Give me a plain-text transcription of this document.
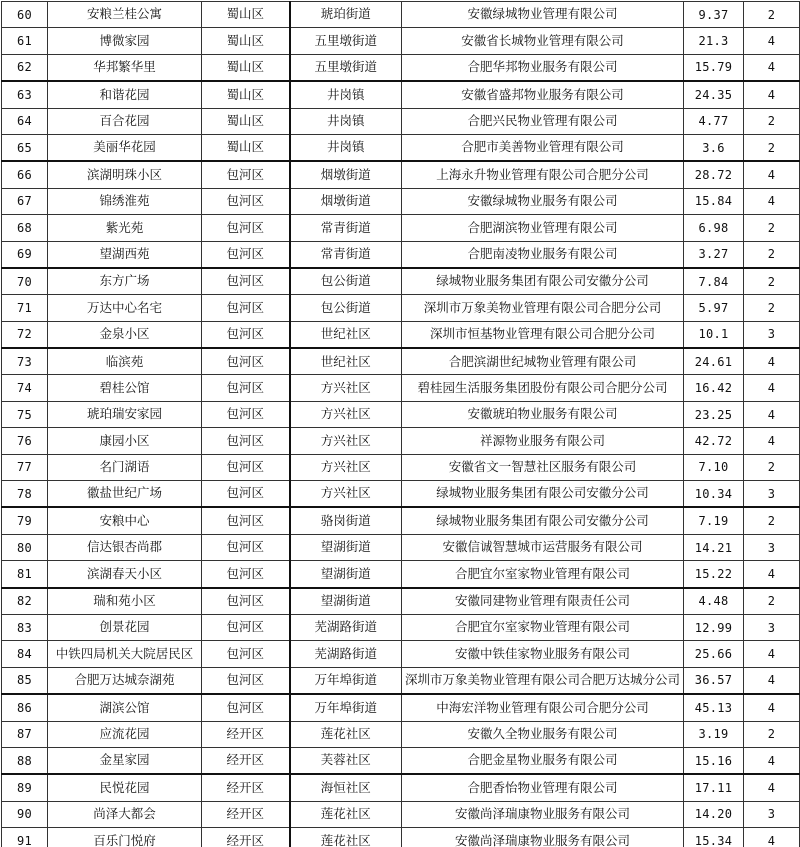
60	安粮兰桂公寓	蜀山区	琥珀街道	安徽绿城物业管理有限公司	9.37	2
61	博微家园	蜀山区	五里墩街道	安徽省长城物业管理有限公司	21.3	4
62	华邦繁华里	蜀山区	五里墩街道	合肥华邦物业服务有限公司	15.79	4
63	和谐花园	蜀山区	井岗镇	安徽省盛邦物业服务有限公司	24.35	4
64	百合花园	蜀山区	井岗镇	合肥兴民物业管理有限公司	4.77	2
65	美丽华花园	蜀山区	井岗镇	合肥市美善物业管理有限公司	3.6	2
66	滨湖明珠小区	包河区	烟墩街道	上海永升物业管理有限公司合肥分公司	28.72	4
67	锦绣淮苑	包河区	烟墩街道	安徽绿城物业服务有限公司	15.84	4
68	紫光苑	包河区	常青街道	合肥湖滨物业管理有限公司	6.98	2
69	望湖西苑	包河区	常青街道	合肥南凌物业服务有限公司	3.27	2
70	东方广场	包河区	包公街道	绿城物业服务集团有限公司安徽分公司	7.84	2
71	万达中心名宅	包河区	包公街道	深圳市万象美物业管理有限公司合肥分公司	5.97	2
72	金泉小区	包河区	世纪社区	深圳市恒基物业管理有限公司合肥分公司	10.1	3
73	临滨苑	包河区	世纪社区	合肥滨湖世纪城物业管理有限公司	24.61	4
74	碧桂公馆	包河区	方兴社区	碧桂园生活服务集团股份有限公司合肥分公司	16.42	4
75	琥珀瑞安家园	包河区	方兴社区	安徽琥珀物业服务有限公司	23.25	4
76	康园小区	包河区	方兴社区	祥源物业服务有限公司	42.72	4
77	名门湖语	包河区	方兴社区	安徽省文一智慧社区服务有限公司	7.10	2
78	徽盐世纪广场	包河区	方兴社区	绿城物业服务集团有限公司安徽分公司	10.34	3
79	安粮中心	包河区	骆岗街道	绿城物业服务集团有限公司安徽分公司	7.19	2
80	信达银杏尚郡	包河区	望湖街道	安徽信诚智慧城市运营服务有限公司	14.21	3
81	滨湖春天小区	包河区	望湖街道	合肥宜尔室家物业管理有限公司	15.22	4
82	瑞和苑小区	包河区	望湖街道	安徽同建物业管理有限责任公司	4.48	2
83	创景花园	包河区	芜湖路街道	合肥宜尔室家物业管理有限公司	12.99	3
84	中铁四局机关大院居民区	包河区	芜湖路街道	安徽中铁佳家物业服务有限公司	25.66	4
85	合肥万达城奈湖苑	包河区	万年埠街道	深圳市万象美物业管理有限公司合肥万达城分公司	36.57	4
86	湖滨公馆	包河区	万年埠街道	中海宏洋物业管理有限公司合肥分公司	45.13	4
87	应流花园	经开区	莲花社区	安徽久全物业服务有限公司	3.19	2
88	金星家园	经开区	芙蓉社区	合肥金星物业服务有限公司	15.16	4
89	民悦花园	经开区	海恒社区	合肥香怡物业管理有限公司	17.11	4
90	尚泽大都会	经开区	莲花社区	安徽尚泽瑞康物业服务有限公司	14.20	3
91	百乐门悦府	经开区	莲花社区	安徽尚泽瑞康物业服务有限公司	15.34	4
